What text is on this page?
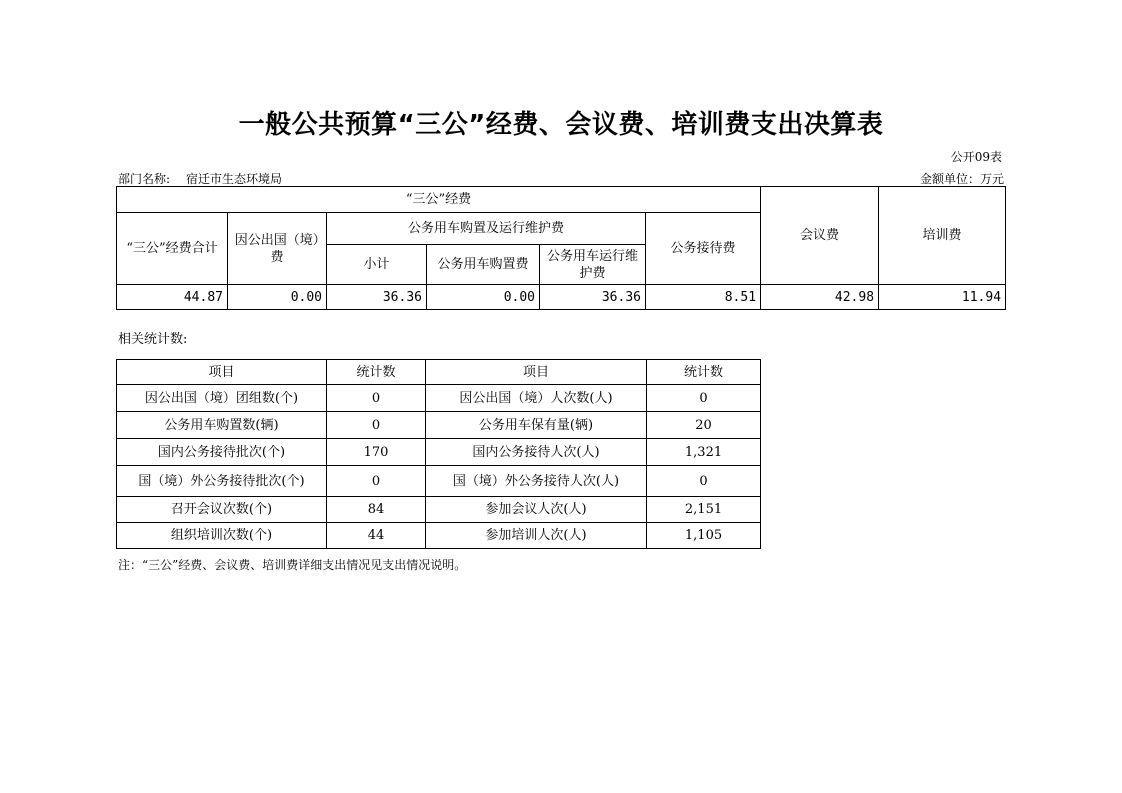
一般公共预算“三公”经费、会议费、培训费支出决算表
公开09表
部门名称: 宿迁市生态环境局	金额单位：万元
“三公”经费						会议费	培训费
“三公”经费合计	因公出国（境）费	公务用车购置及运行维护费			公务接待费		
		小计	公务用车购置费	公务用车运行维护费			
44.87	0.00	36.36	0.00	36.36	8.51	42.98	11.94
相关统计数:
项目	统计数	项目	统计数
因公出国（境）团组数(个)	0	因公出国（境）人次数(人)	0
公务用车购置数(辆)	0	公务用车保有量(辆)	20
国内公务接待批次(个)	170	国内公务接待人次(人)	1,321
国（境）外公务接待批次(个)	0	国（境）外公务接待人次(人)	0
召开会议次数(个)	84	参加会议人次(人)	2,151
组织培训次数(个)	44	参加培训人次(人)	1,105
注：“三公”经费、会议费、培训费详细支出情况见支出情况说明。
